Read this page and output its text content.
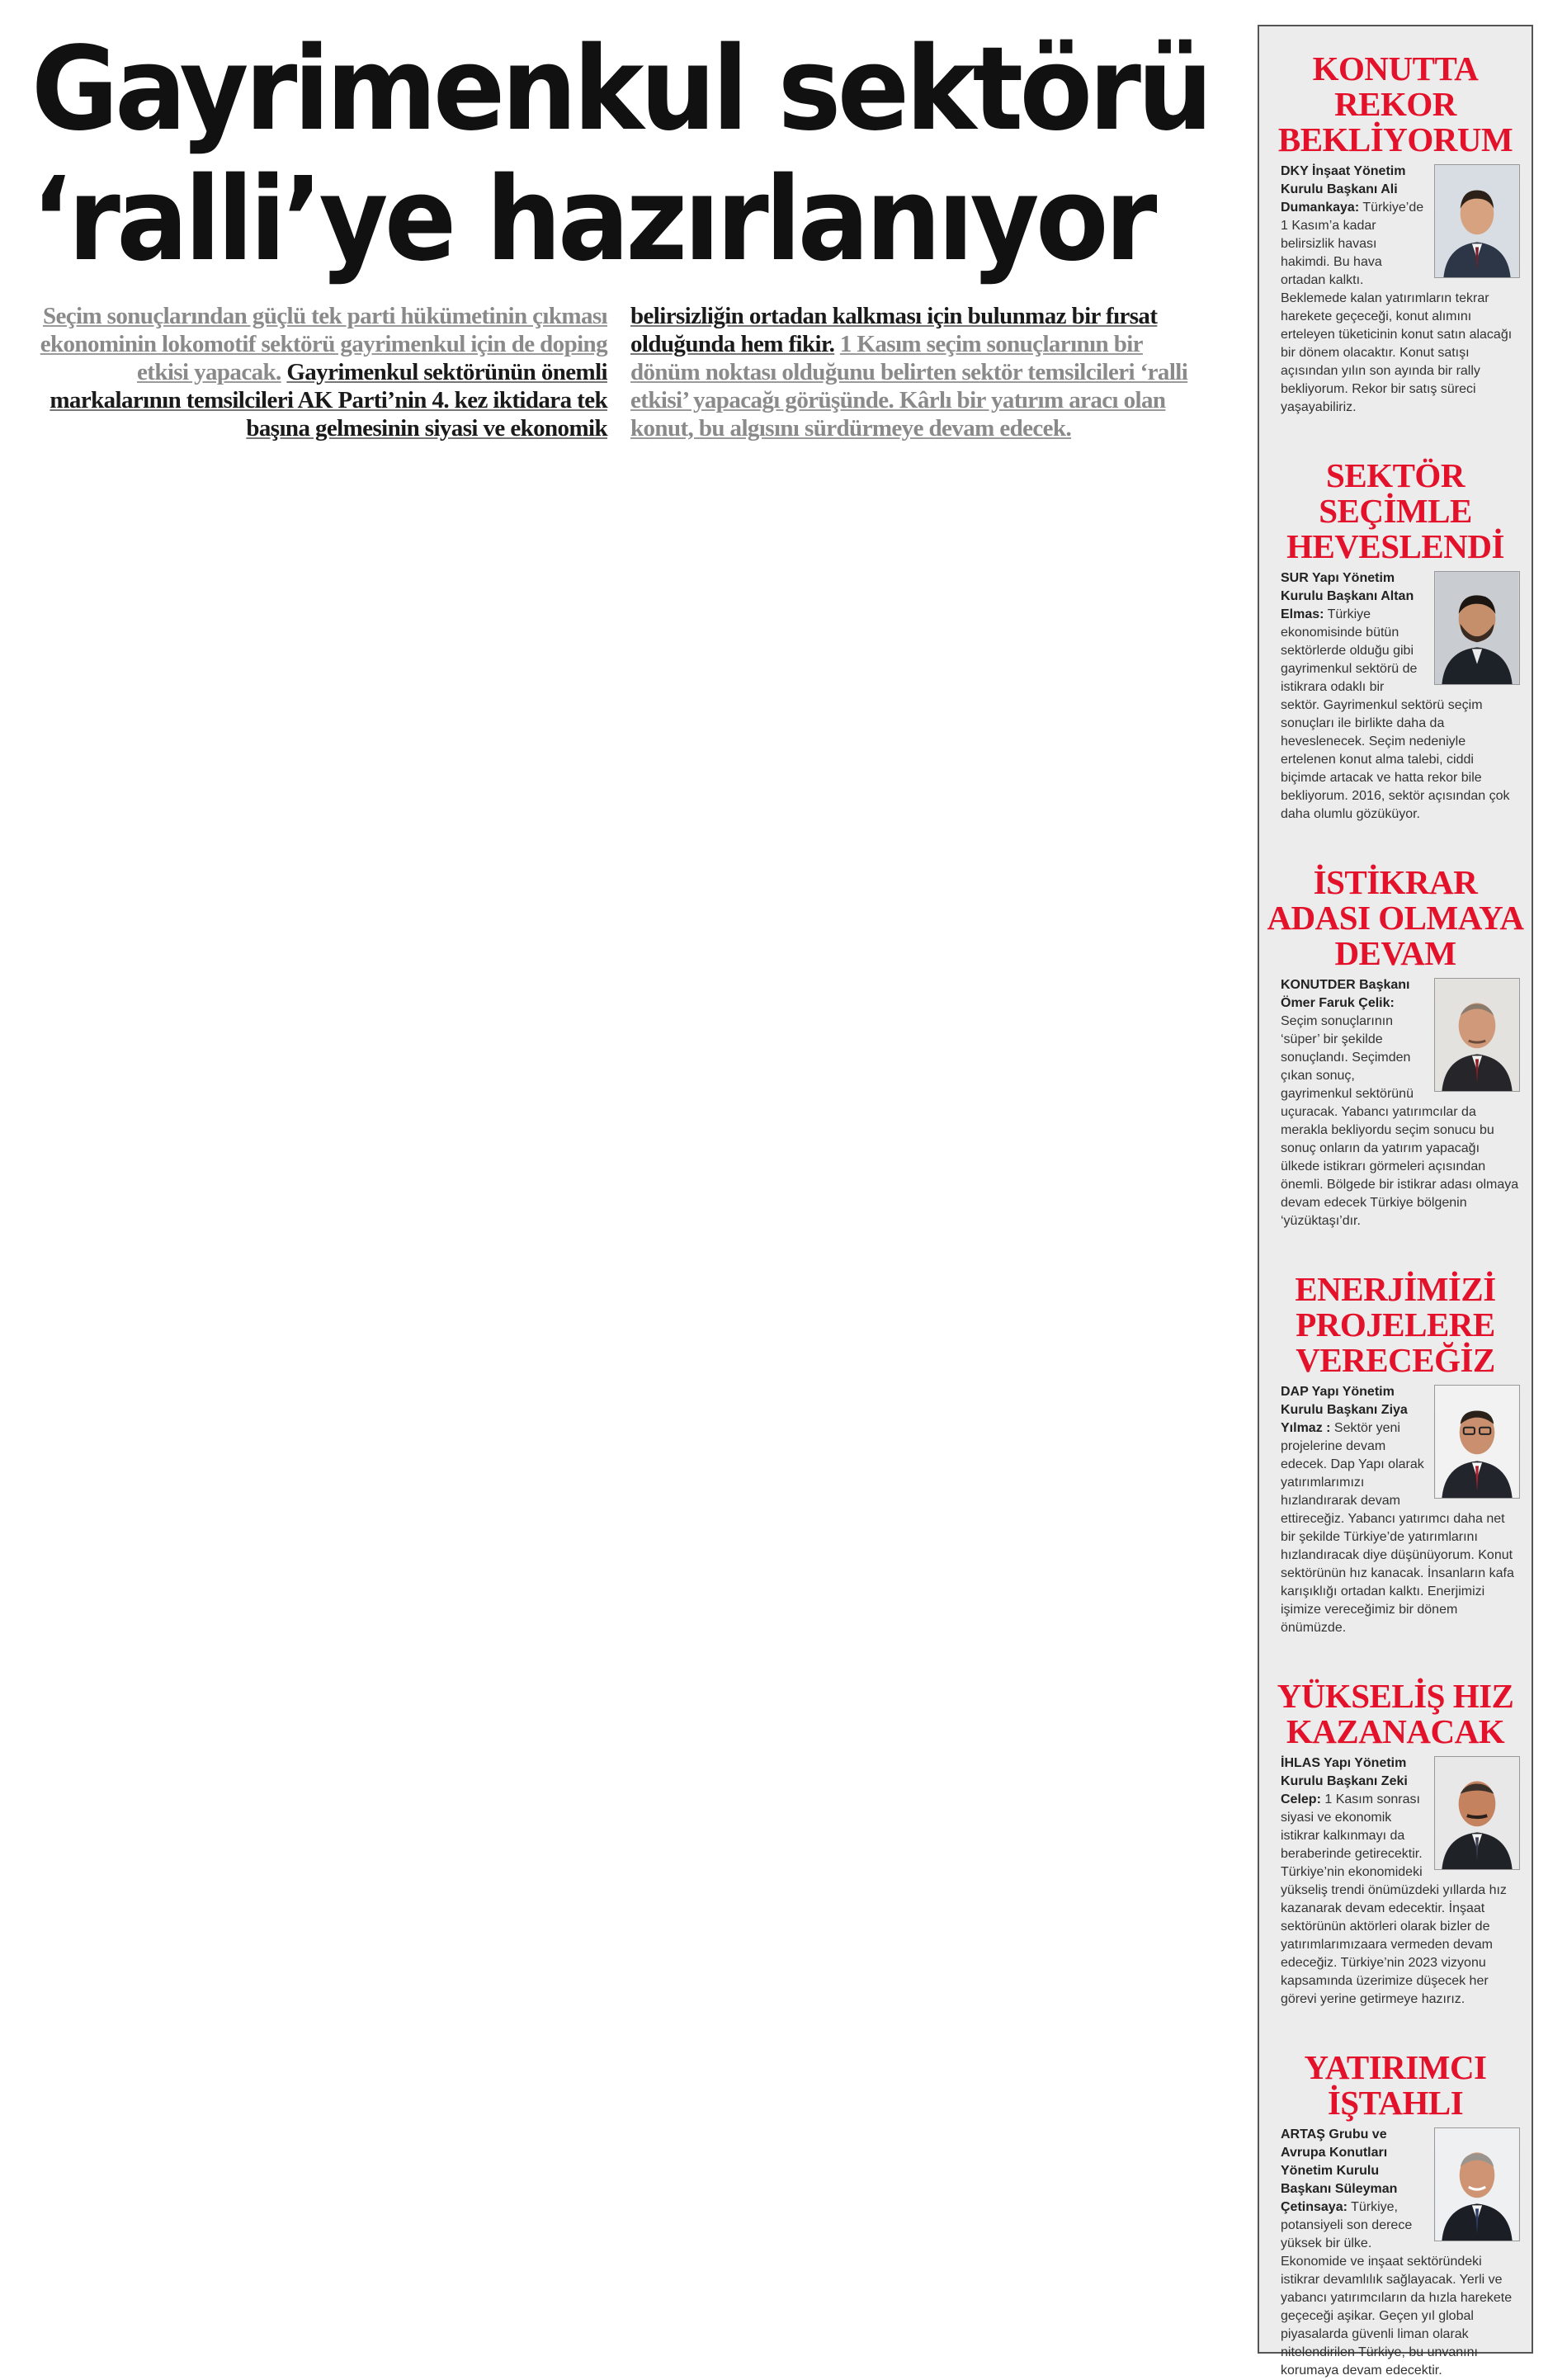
Gayrimenkul sektörü
‘ralli’ye hazırlanıyor
Seçim sonuçlarından güçlü tek parti hükümetinin çıkması ekonominin lokomotif sektörü gayrimenkul için de doping etkisi yapacak. Gayrimenkul sektörünün önemli markalarının temsilcileri AK Parti’nin 4. kez iktidara tek başına gelmesinin siyasi ve ekonomik
belirsizliğin ortadan kalkması için bulunmaz bir fırsat olduğunda hem fikir. 1 Kasım seçim sonuçlarının bir dönüm noktası olduğunu belirten sektör temsilcileri ‘ralli etkisi’ yapacağı görüşünde. Kârlı bir yatırım aracı olan konut, bu algısını sürdürmeye devam edecek.
KONUTTA
REKOR
BEKLİYORUM
DKY İnşaat Yönetim Kurulu Başkanı Ali Dumankaya: Türkiye’de 1 Kasım’a kadar belirsizlik havası hakimdi. Bu hava ortadan kalktı. Beklemede kalan yatırımların tekrar harekete geçeceği, konut alımını erteleyen tüketicinin konut satın alacağı bir dönem olacaktır. Konut satışı açısından yılın son ayında bir rally bekliyorum. Rekor bir satış süreci yaşayabiliriz.
SEKTÖR
SEÇİMLE
HEVESLENDİ
SUR Yapı Yönetim Kurulu Başkanı Altan Elmas: Türkiye ekonomisinde bütün sektörlerde olduğu gibi gayrimenkul sektörü de istikrara odaklı bir sektör. Gayrimenkul sektörü seçim sonuçları ile birlikte daha da heveslenecek. Seçim nedeniyle ertelenen konut alma talebi, ciddi biçimde artacak ve hatta rekor bile bekliyorum. 2016, sektör açısından çok daha olumlu gözüküyor.
İSTİKRAR
ADASI OLMAYA
DEVAM
KONUTDER Başkanı Ömer Faruk Çelik: Seçim sonuçlarının ‘süper’ bir şekilde sonuçlandı. Seçimden çıkan sonuç, gayrimenkul sektörünü uçuracak. Yabancı yatırımcılar da merakla bekliyordu seçim sonucu bu sonuç onların da yatırım yapacağı ülkede istikrarı görmeleri açısından önemli. Bölgede bir istikrar adası olmaya devam edecek Türkiye bölgenin ‘yüzüktaşı’dır.
ENERJİMİZİ
PROJELERE
VERECEĞİZ
DAP Yapı Yönetim Kurulu Başkanı Ziya Yılmaz : Sektör yeni projelerine devam edecek. Dap Yapı olarak yatırımlarımızı hızlandırarak devam ettireceğiz. Yabancı yatırımcı daha net bir şekilde Türkiye’de yatırımlarını hızlandıracak diye düşünüyorum. Konut sektörünün hız kanacak. İnsanların kafa karışıklığı ortadan kalktı. Enerjimizi işimize vereceğimiz bir dönem önümüzde.
YÜKSELİŞ HIZ
KAZANACAK
İHLAS Yapı Yönetim Kurulu Başkanı Zeki Celep: 1 Kasım sonrası siyasi ve ekonomik istikrar kalkınmayı da beraberinde getirecektir. Türkiye’nin ekonomideki yükseliş trendi önümüzdeki yıllarda hız kazanarak devam edecektir. İnşaat sektörünün aktörleri olarak bizler de yatırımlarımızaara vermeden devam edeceğiz. Türkiye’nin 2023 vizyonu kapsamında üzerimize düşecek her görevi yerine getirmeye hazırız.
YATIRIMCI
İŞTAHLI
ARTAŞ Grubu ve Avrupa Konutları Yönetim Kurulu Başkanı Süleyman Çetinsaya: Türkiye, potansiyeli son derece yüksek bir ülke. Ekonomide ve inşaat sektöründeki istikrar devamlılık sağlayacak. Yerli ve yabancı yatırımcıların da hızla harekete geçeceği aşikar. Geçen yıl global piyasalarda güvenli liman olarak nitelendirilen Türkiye, bu unvanını korumaya devam edecektir.
